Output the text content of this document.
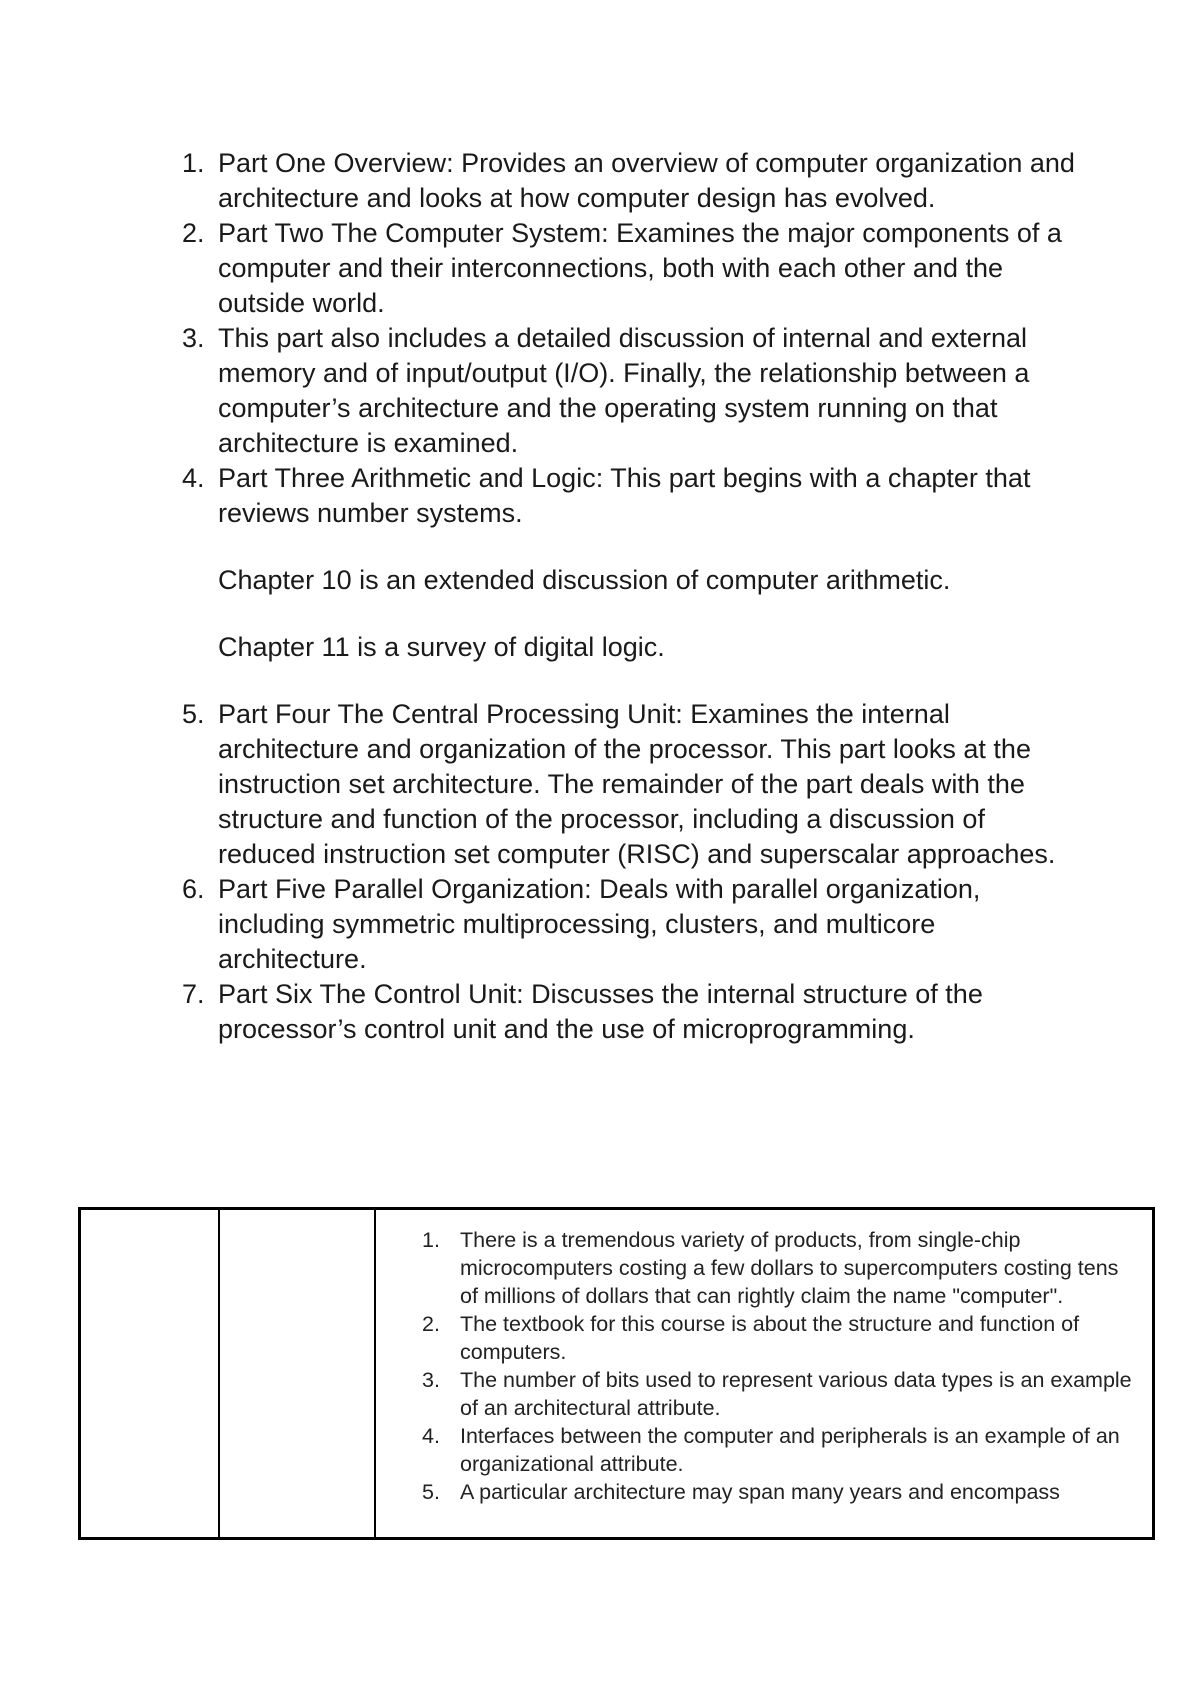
1. Part One Overview: Provides an overview of computer organization and architecture and looks at how computer design has evolved.
2. Part Two The Computer System: Examines the major components of a computer and their interconnections, both with each other and the outside world.
3. This part also includes a detailed discussion of internal and external memory and of input/output (I/O). Finally, the relationship between a computer’s architecture and the operating system running on that architecture is examined.
4. Part Three Arithmetic and Logic: This part begins with a chapter that reviews number systems.
Chapter 10 is an extended discussion of computer arithmetic.
Chapter 11 is a survey of digital logic.
5. Part Four The Central Processing Unit: Examines the internal architecture and organization of the processor. This part looks at the instruction set architecture. The remainder of the part deals with the structure and function of the processor, including a discussion of reduced instruction set computer (RISC) and superscalar approaches.
6. Part Five Parallel Organization: Deals with parallel organization, including symmetric multiprocessing, clusters, and multicore architecture.
7. Part Six The Control Unit: Discusses the internal structure of the processor’s control unit and the use of microprogramming.

1. There is a tremendous variety of products, from single-chip microcomputers costing a few dollars to supercomputers costing tens of millions of dollars that can rightly claim the name "computer".
2. The textbook for this course is about the structure and function of computers.
3. The number of bits used to represent various data types is an example of an architectural attribute.
4. Interfaces between the computer and peripherals is an example of an organizational attribute.
5. A particular architecture may span many years and encompass
